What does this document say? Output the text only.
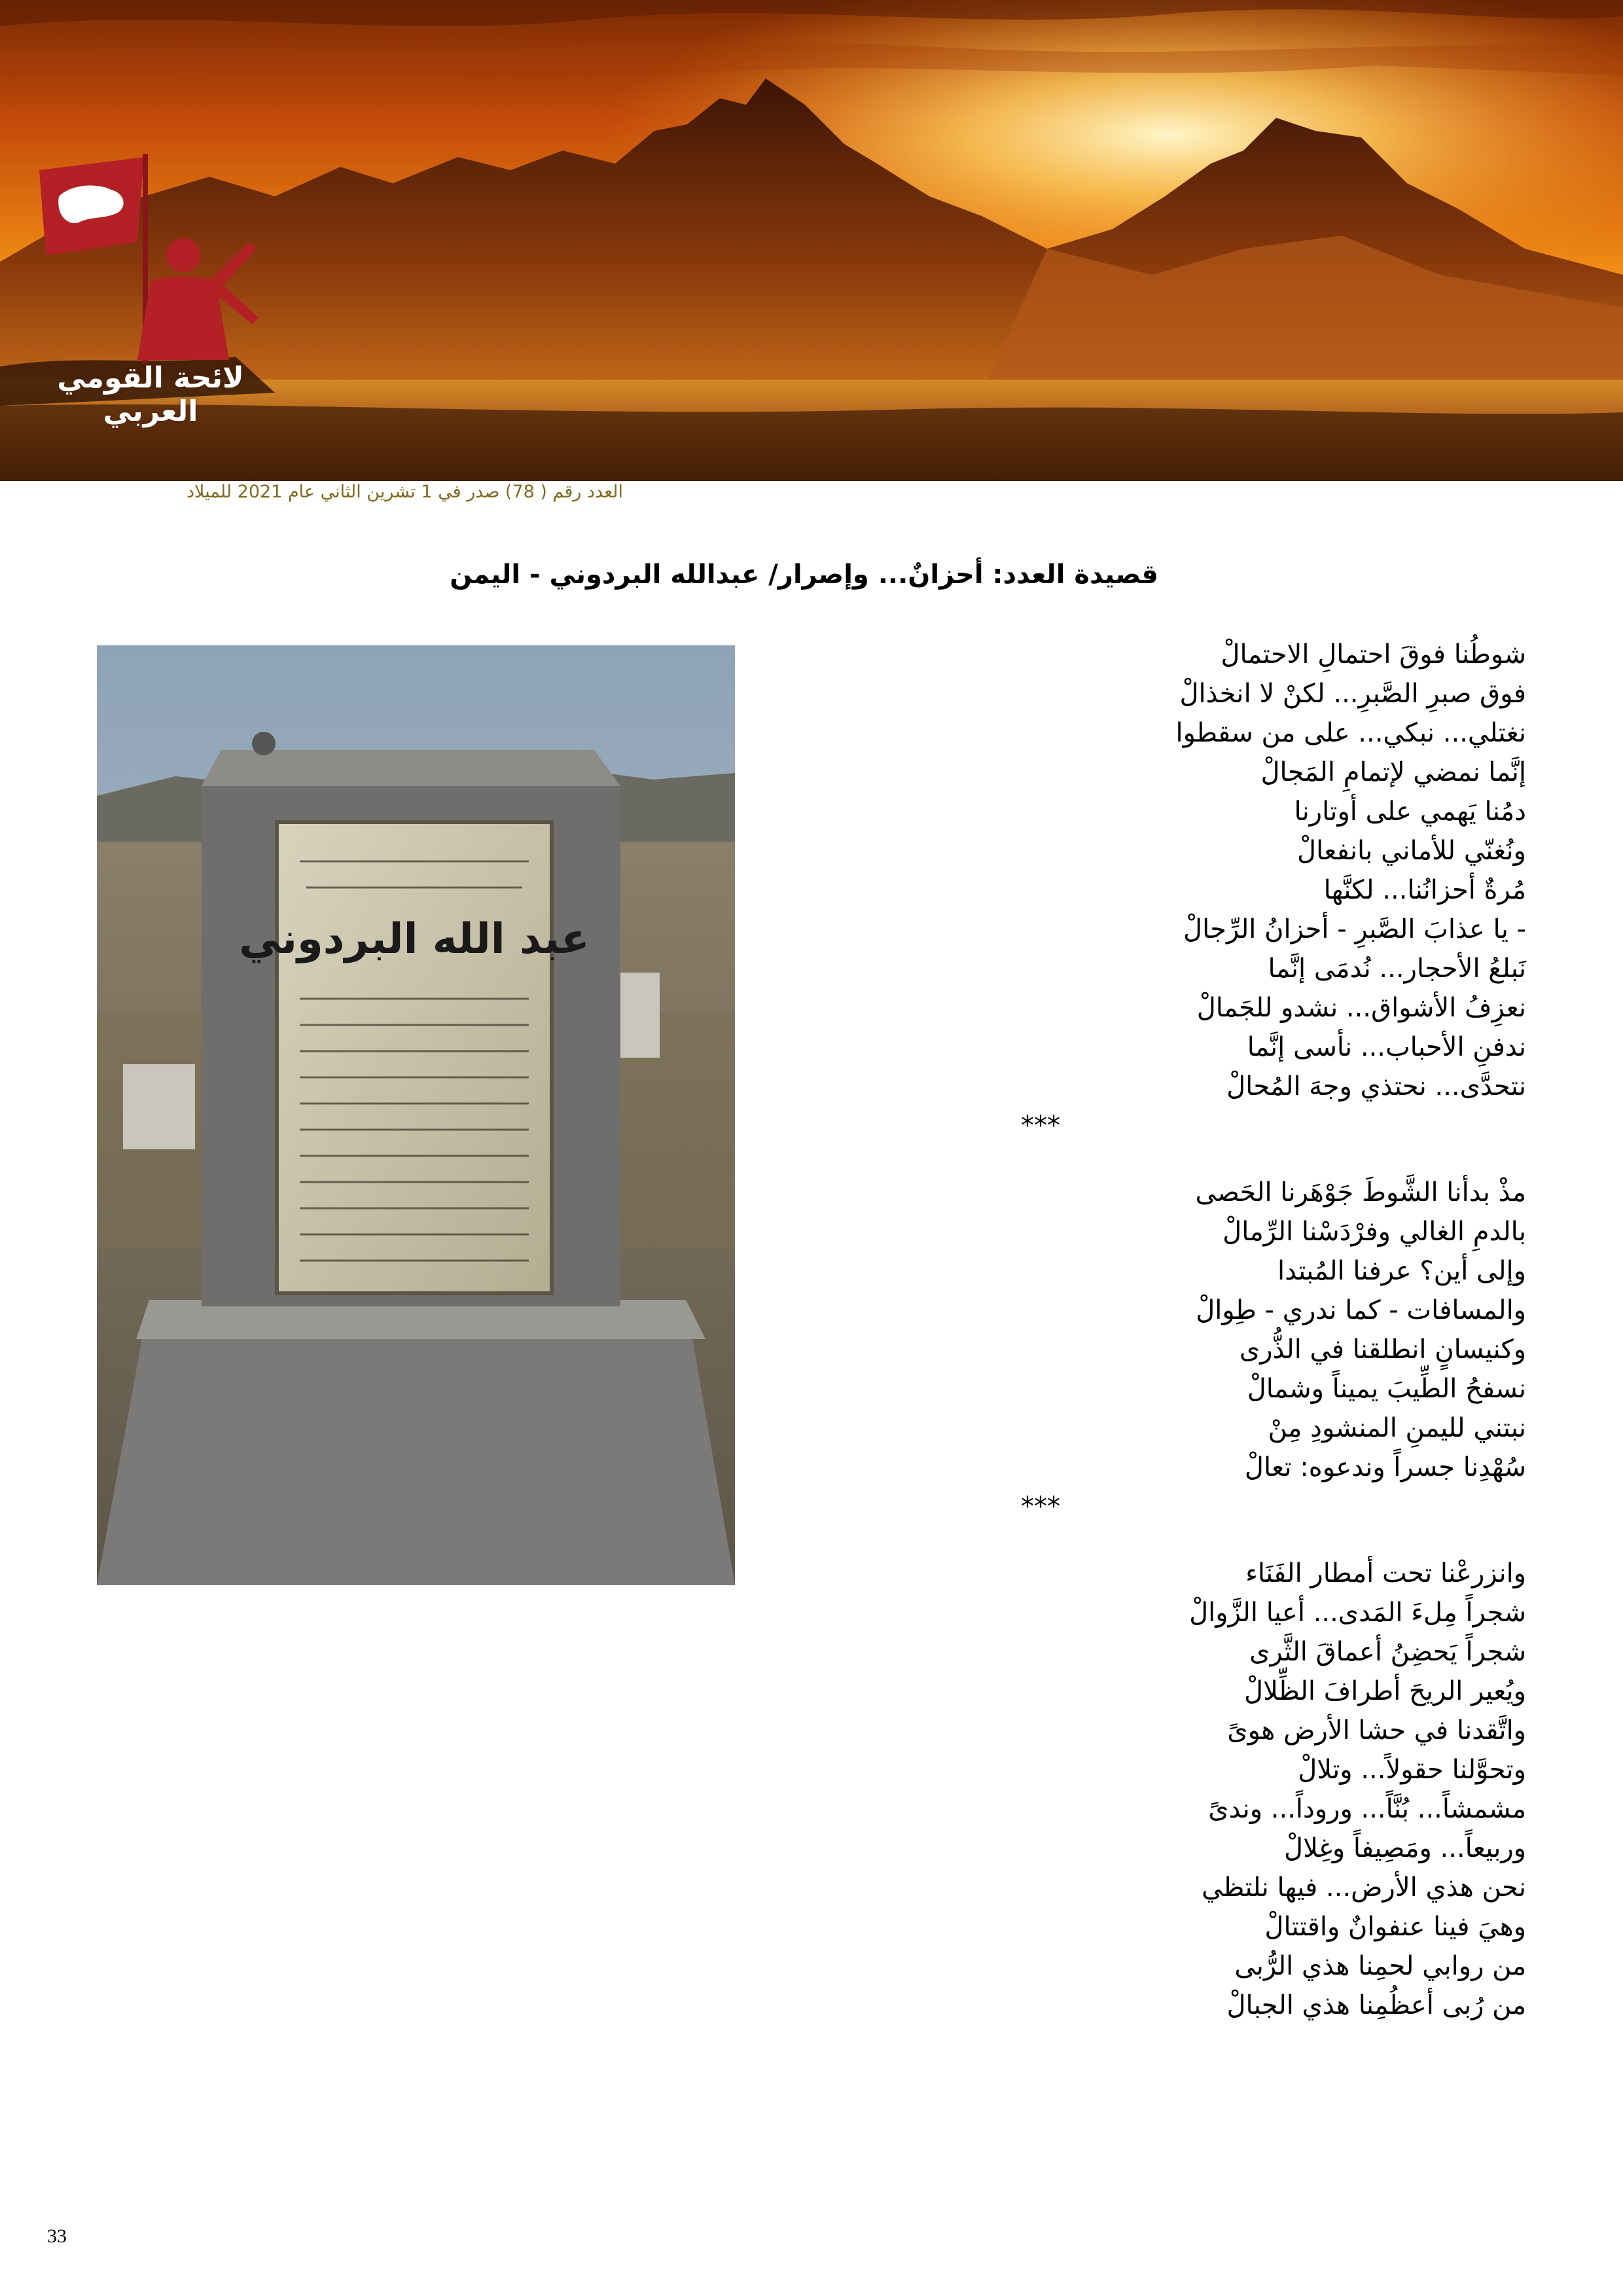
لائحة القومي العربي
العدد رقم ( 78) صدر في 1 تشرين الثاني عام 2021 للميلاد
قصيدة العدد: أحزانٌ... وإصرار/ عبدالله البردوني - اليمن
عبد الله البردوني
شوطُنا فوقَ احتمالِ الاحتمالْ
فوق صبرِ الصَّبرِ... لكنْ لا انخذالْ
نغتلي... نبكي... على من سقطوا
إنَّما نمضي لإتمامِ المَجالْ
دمُنا يَهمي على أوتارنا
ونُغنّي للأماني بانفعالْ
مُرةٌ أحزانُنا... لكنَّها
- يا عذابَ الصَّبرِ - أحزانُ الرِّجالْ
نَبلعُ الأحجار... نُدمَى إنَّما
نعزِفُ الأشواق... نشدو للجَمالْ
ندفنِ الأحباب... نأسى إنَّما
نتحدَّى... نحتذي وجهَ المُحالْ
***
مذْ بدأنا الشَّوطَ جَوْهَرنا الحَصى
بالدمِ الغالي وفرْدَسْنا الرِّمالْ
وإلى أين؟ عرفنا المُبتدا
والمسافات - كما ندري - طِوالْ
وكنيسانٍ انطلقنا في الذُّرى
نسفحُ الطِّيبَ يميناً وشمالْ
نبتني لليمنِ المنشودِ مِنْ
سُهْدِنا جسراً وندعوه: تعالْ
***
وانزرعْنا تحت أمطار الفَنَاء
شجراً مِلءَ المَدى... أعيا الزَّوالْ
شجراً يَحضِنُ أعماقَ الثَّرى
ويُعير الريحَ أطرافَ الظِّلالْ
واتَّقدنا في حشا الأرض هوىً
وتحوَّلنا حقولاً... وتلالْ
مشمشاً... بُنَّاً... وروداً... وندىً
وربيعاً... ومَصِيفاً وغِلالْ
نحن هذي الأرض... فيها نلتظي
وهيَ فينا عنفوانٌ واقتتالْ
من روابي لحمِنا هذي الرُّبى
من رُبى أعظُمِنا هذي الجبالْ
33
